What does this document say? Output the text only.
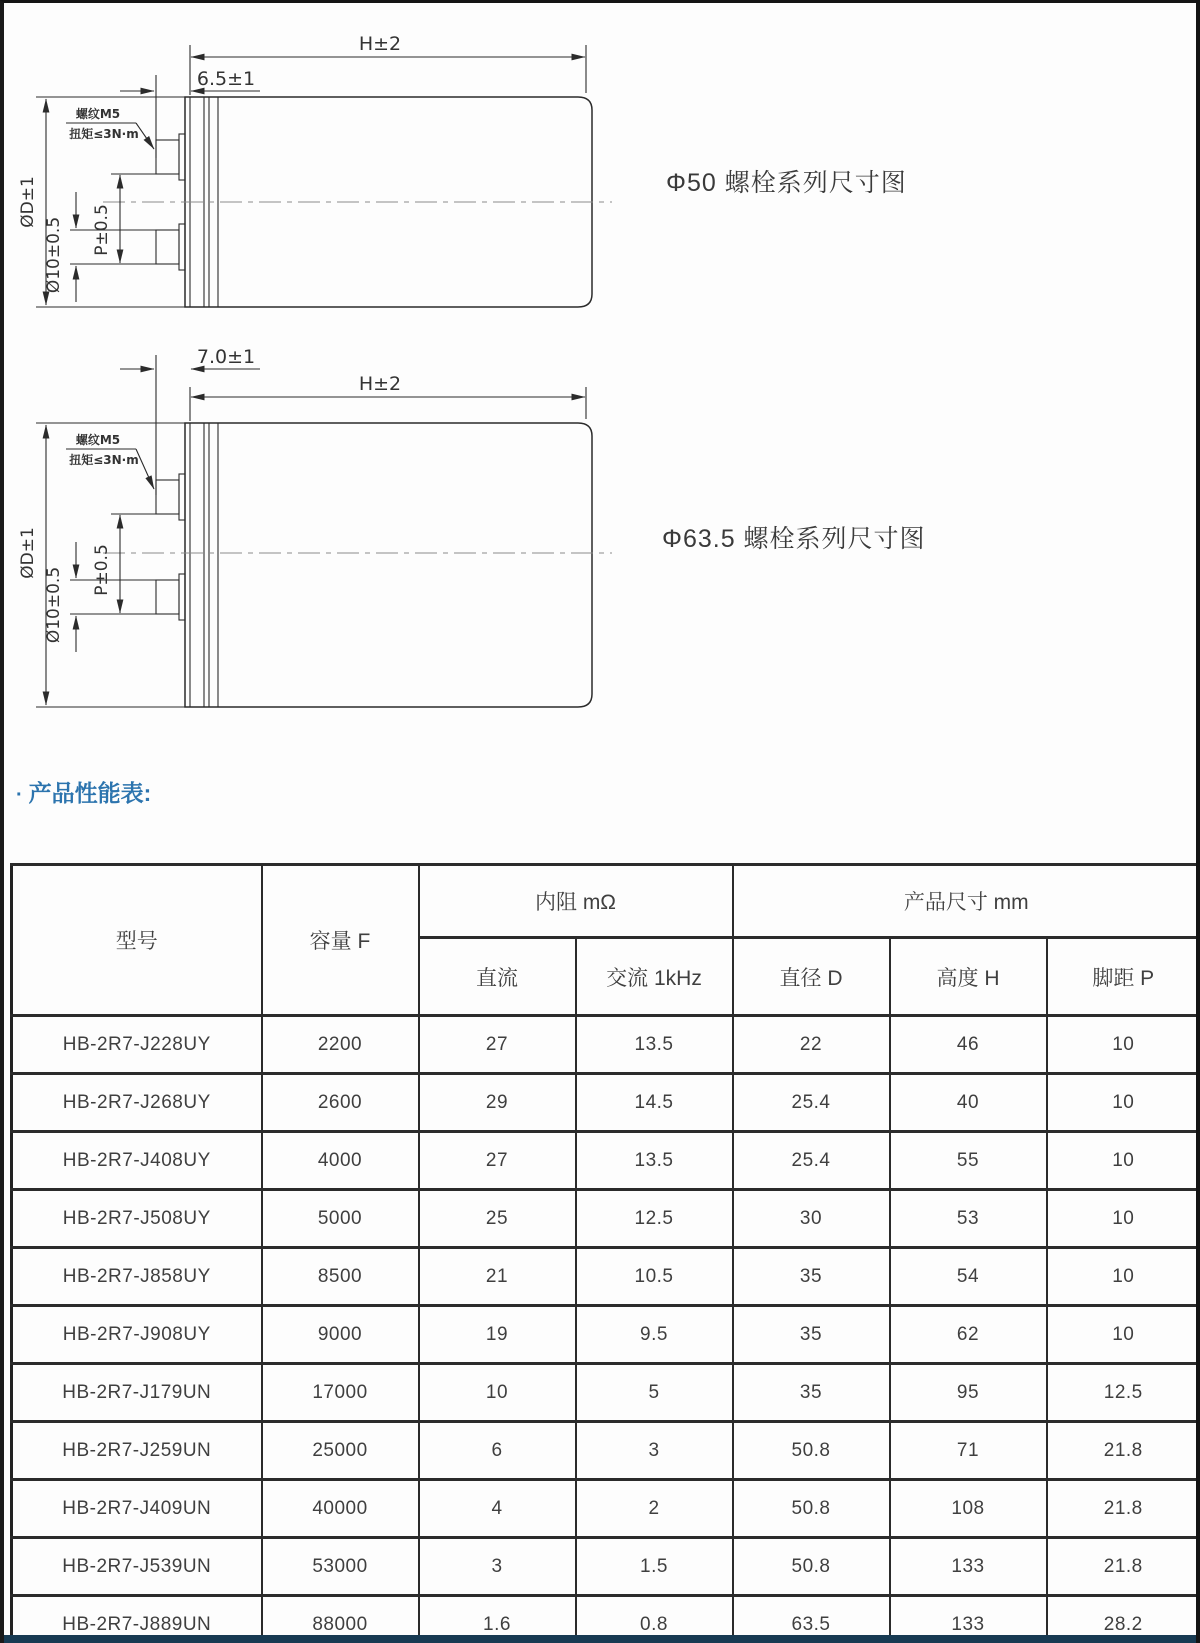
H±2
6.5±1
螺纹M5
扭矩≤3N·m
P±0.5
Ø10±0.5
ØD±1	Φ50 螺栓系列尺寸图
7.0±1
H±2
螺纹M5
扭矩≤3N·m
P±0.5
Ø10±0.5
ØD±1	Φ63.5 螺栓系列尺寸图
· 产品性能表:
型号	容量 F	内阻 mΩ		产品尺寸 mm		
		直流	交流 1kHz	直径 D	高度 H	脚距 P
HB-2R7-J228UY	2200	27	13.5	22	46	10
HB-2R7-J268UY	2600	29	14.5	25.4	40	10
HB-2R7-J408UY	4000	27	13.5	25.4	55	10
HB-2R7-J508UY	5000	25	12.5	30	53	10
HB-2R7-J858UY	8500	21	10.5	35	54	10
HB-2R7-J908UY	9000	19	9.5	35	62	10
HB-2R7-J179UN	17000	10	5	35	95	12.5
HB-2R7-J259UN	25000	6	3	50.8	71	21.8
HB-2R7-J409UN	40000	4	2	50.8	108	21.8
HB-2R7-J539UN	53000	3	1.5	50.8	133	21.8
HB-2R7-J889UN	88000	1.6	0.8	63.5	133	28.2
